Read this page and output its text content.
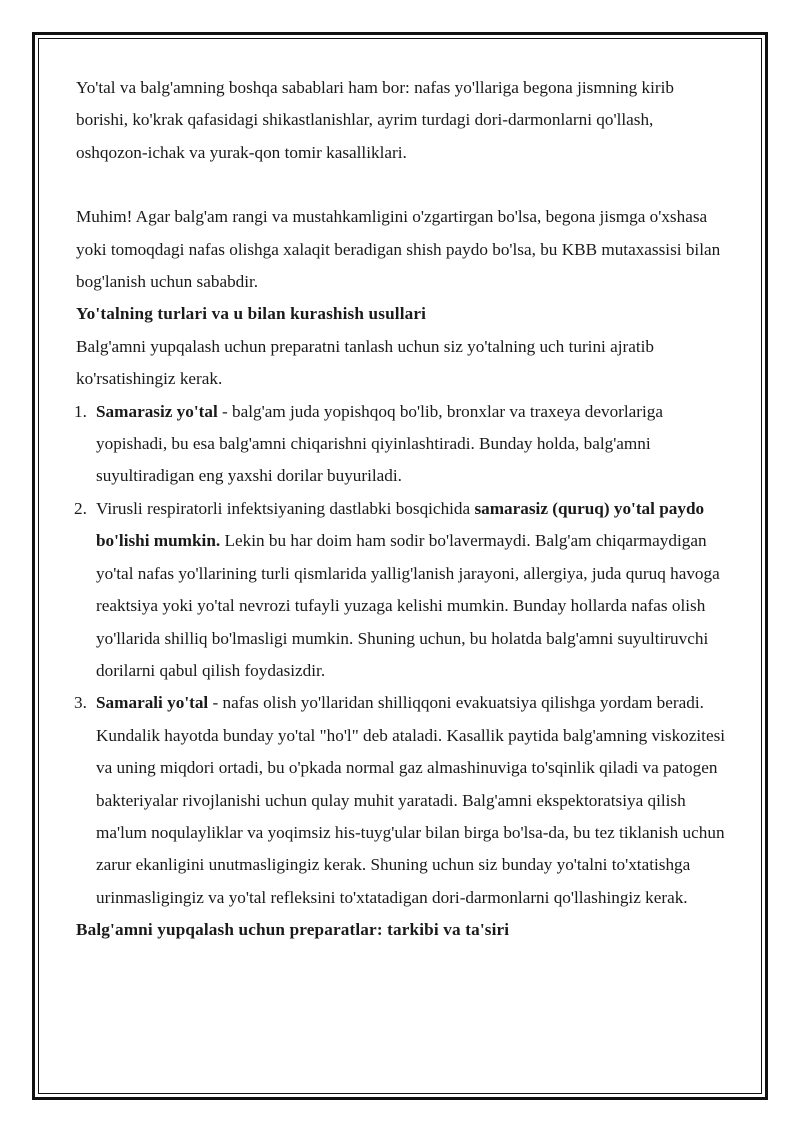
Yo'tal va balg'amning boshqa sabablari ham bor: nafas yo'llariga begona jismning kirib borishi, ko'krak qafasidagi shikastlanishlar, ayrim turdagi dori-darmonlarni qo'llash, oshqozon-ichak va yurak-qon tomir kasalliklari.

Muhim! Agar balg'am rangi va mustahkamligini o'zgartirgan bo'lsa, begona jismga o'xshasa yoki tomoqdagi nafas olishga xalaqit beradigan shish paydo bo'lsa, bu KBB mutaxassisi bilan bog'lanish uchun sababdir.

Yo'talning turlari va u bilan kurashish usullari

Balg'amni yupqalash uchun preparatni tanlash uchun siz yo'talning uch turini ajratib ko'rsatishingiz kerak.

1. Samarasiz yo'tal - balg'am juda yopishqoq bo'lib, bronxlar va traxeya devorlariga yopishadi, bu esa balg'amni chiqarishni qiyinlashtiradi. Bunday holda, balg'amni suyultiradigan eng yaxshi dorilar buyuriladi.
2. Virusli respiratorli infektsiyaning dastlabki bosqichida samarasiz (quruq) yo'tal paydo bo'lishi mumkin. Lekin bu har doim ham sodir bo'lavermaydi. Balg'am chiqarmaydigan yo'tal nafas yo'llarining turli qismlarida yallig'lanish jarayoni, allergiya, juda quruq havoga reaktsiya yoki yo'tal nevrozi tufayli yuzaga kelishi mumkin. Bunday hollarda nafas olish yo'llarida shilliq bo'lmasligi mumkin. Shuning uchun, bu holatda balg'amni suyultiruvchi dorilarni qabul qilish foydasizdir.
3. Samarali yo'tal - nafas olish yo'llaridan shilliqqoni evakuatsiya qilishga yordam beradi. Kundalik hayotda bunday yo'tal "ho'l" deb ataladi. Kasallik paytida balg'amning viskozitesi va uning miqdori ortadi, bu o'pkada normal gaz almashinuviga to'sqinlik qiladi va patogen bakteriyalar rivojlanishi uchun qulay muhit yaratadi. Balg'amni ekspektoratsiya qilish ma'lum noqulayliklar va yoqimsiz his-tuyg'ular bilan birga bo'lsa-da, bu tez tiklanish uchun zarur ekanligini unutmasligingiz kerak. Shuning uchun siz bunday yo'talni to'xtatishga urinmasligingiz va yo'tal refleksini to'xtatadigan dori-darmonlarni qo'llashingiz kerak.

Balg'amni yupqalash uchun preparatlar: tarkibi va ta'siri
